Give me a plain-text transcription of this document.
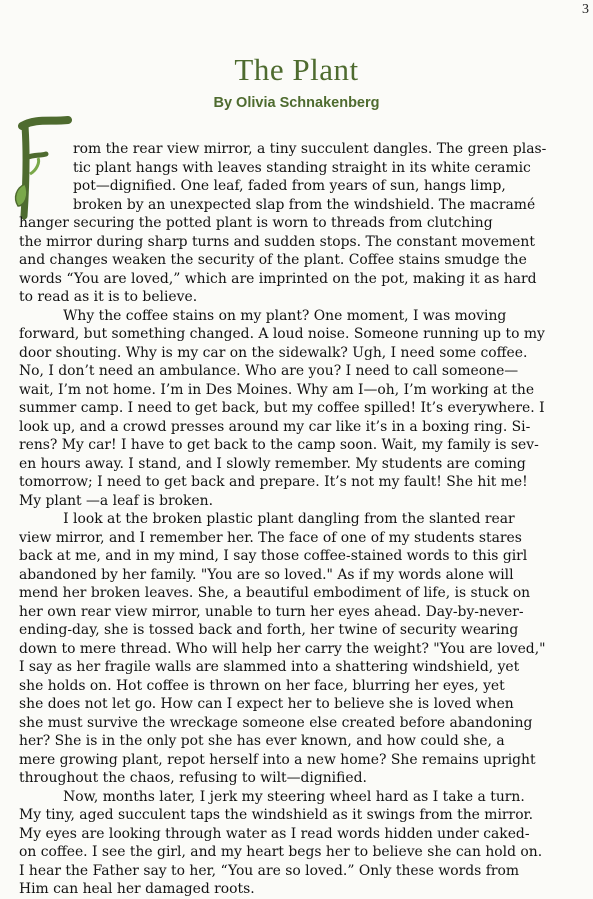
3
The Plant
By Olivia Schnakenberg
rom the rear view mirror, a tiny succulent dangles. The green plas-
tic plant hangs with leaves standing straight in its white ceramic
pot—dignified. One leaf, faded from years of sun, hangs limp,
broken by an unexpected slap from the windshield. The macramé
hanger securing the potted plant is worn to threads from clutching
the mirror during sharp turns and sudden stops. The constant movement
and changes weaken the security of the plant. Coffee stains smudge the
words “You are loved,” which are imprinted on the pot, making it as hard
to read as it is to believe.
Why the coffee stains on my plant? One moment, I was moving
forward, but something changed. A loud noise. Someone running up to my
door shouting. Why is my car on the sidewalk? Ugh, I need some coffee.
No, I don’t need an ambulance. Who are you? I need to call someone—
wait, I’m not home. I’m in Des Moines. Why am I—oh, I’m working at the
summer camp. I need to get back, but my coffee spilled! It’s everywhere. I
look up, and a crowd presses around my car like it’s in a boxing ring. Si-
rens? My car! I have to get back to the camp soon. Wait, my family is sev-
en hours away. I stand, and I slowly remember. My students are coming
tomorrow; I need to get back and prepare. It’s not my fault! She hit me!
My plant —a leaf is broken.
I look at the broken plastic plant dangling from the slanted rear
view mirror, and I remember her. The face of one of my students stares
back at me, and in my mind, I say those coffee-stained words to this girl
abandoned by her family. "You are so loved." As if my words alone will
mend her broken leaves. She, a beautiful embodiment of life, is stuck on
her own rear view mirror, unable to turn her eyes ahead. Day-by-never-
ending-day, she is tossed back and forth, her twine of security wearing
down to mere thread. Who will help her carry the weight? "You are loved,"
I say as her fragile walls are slammed into a shattering windshield, yet
she holds on. Hot coffee is thrown on her face, blurring her eyes, yet
she does not let go. How can I expect her to believe she is loved when
she must survive the wreckage someone else created before abandoning
her? She is in the only pot she has ever known, and how could she, a
mere growing plant, repot herself into a new home? She remains upright
throughout the chaos, refusing to wilt—dignified.
Now, months later, I jerk my steering wheel hard as I take a turn.
My tiny, aged succulent taps the windshield as it swings from the mirror.
My eyes are looking through water as I read words hidden under caked-
on coffee. I see the girl, and my heart begs her to believe she can hold on.
I hear the Father say to her, “You are so loved.” Only these words from
Him can heal her damaged roots.
